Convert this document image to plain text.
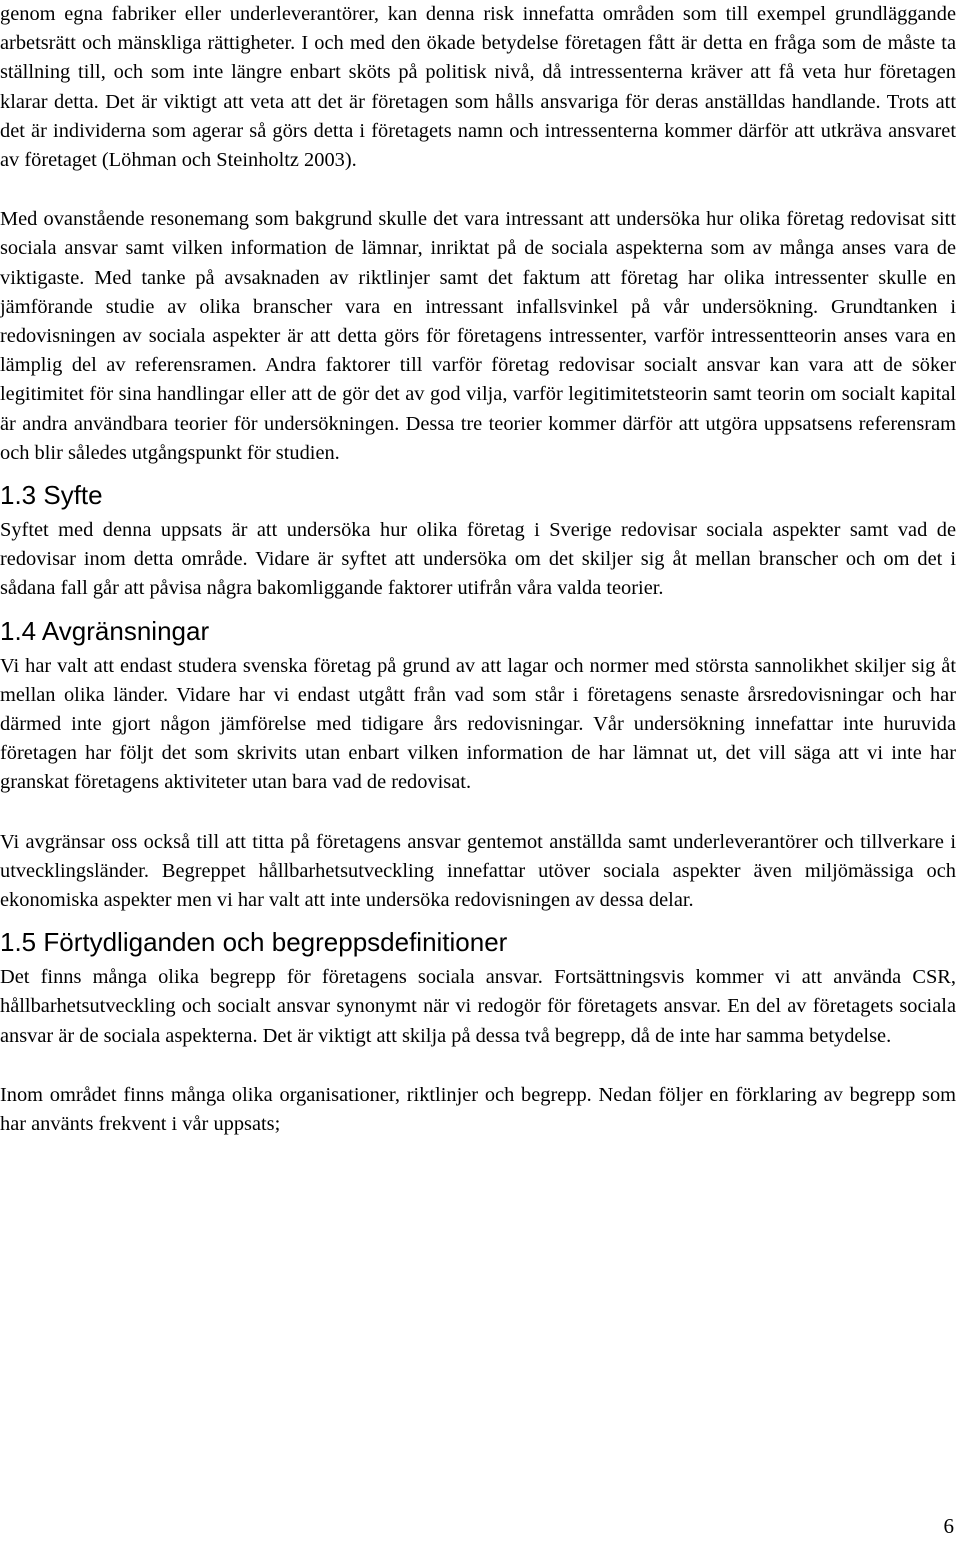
genom egna fabriker eller underleverantörer, kan denna risk innefatta områden som till exempel grundläggande arbetsrätt och mänskliga rättigheter. I och med den ökade betydelse företagen fått är detta en fråga som de måste ta ställning till, och som inte längre enbart sköts på politisk nivå, då intressenterna kräver att få veta hur företagen klarar detta. Det är viktigt att veta att det är företagen som hålls ansvariga för deras anställdas handlande. Trots att det är individerna som agerar så görs detta i företagets namn och intressenterna kommer därför att utkräva ansvaret av företaget (Löhman och Steinholtz 2003).

Med ovanstående resonemang som bakgrund skulle det vara intressant att undersöka hur olika företag redovisat sitt sociala ansvar samt vilken information de lämnar, inriktat på de sociala aspekterna som av många anses vara de viktigaste. Med tanke på avsaknaden av riktlinjer samt det faktum att företag har olika intressenter skulle en jämförande studie av olika branscher vara en intressant infallsvinkel på vår undersökning. Grundtanken i redovisningen av sociala aspekter är att detta görs för företagens intressenter, varför intressentteorin anses vara en lämplig del av referensramen. Andra faktorer till varför företag redovisar socialt ansvar kan vara att de söker legitimitet för sina handlingar eller att de gör det av god vilja, varför legitimitetsteorin samt teorin om socialt kapital är andra användbara teorier för undersökningen. Dessa tre teorier kommer därför att utgöra uppsatsens referensram och blir således utgångspunkt för studien.

1.3 Syfte

Syftet med denna uppsats är att undersöka hur olika företag i Sverige redovisar sociala aspekter samt vad de redovisar inom detta område. Vidare är syftet att undersöka om det skiljer sig åt mellan branscher och om det i sådana fall går att påvisa några bakomliggande faktorer utifrån våra valda teorier.

1.4 Avgränsningar

Vi har valt att endast studera svenska företag på grund av att lagar och normer med största sannolikhet skiljer sig åt mellan olika länder. Vidare har vi endast utgått från vad som står i företagens senaste årsredovisningar och har därmed inte gjort någon jämförelse med tidigare års redovisningar. Vår undersökning innefattar inte huruvida företagen har följt det som skrivits utan enbart vilken information de har lämnat ut, det vill säga att vi inte har granskat företagens aktiviteter utan bara vad de redovisat.

Vi avgränsar oss också till att titta på företagens ansvar gentemot anställda samt underleverantörer och tillverkare i utvecklingsländer. Begreppet hållbarhetsutveckling innefattar utöver sociala aspekter även miljömässiga och ekonomiska aspekter men vi har valt att inte undersöka redovisningen av dessa delar.

1.5 Förtydliganden och begreppsdefinitioner

Det finns många olika begrepp för företagens sociala ansvar. Fortsättningsvis kommer vi att använda CSR, hållbarhetsutveckling och socialt ansvar synonymt när vi redogör för företagets ansvar. En del av företagets sociala ansvar är de sociala aspekterna. Det är viktigt att skilja på dessa två begrepp, då de inte har samma betydelse.

Inom området finns många olika organisationer, riktlinjer och begrepp. Nedan följer en förklaring av begrepp som har använts frekvent i vår uppsats;

6
